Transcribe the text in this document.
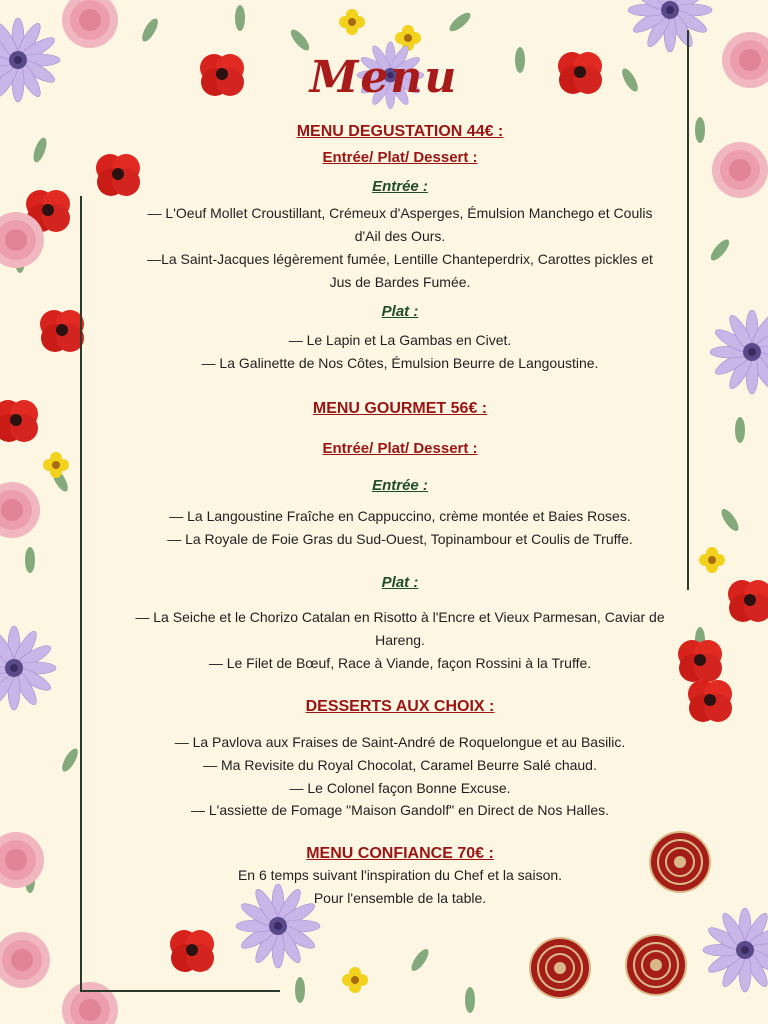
Menu

MENU DEGUSTATION 44€ :

Entrée/ Plat/ Dessert :

Entrée :

— L'Oeuf Mollet Croustillant, Crémeux d'Asperges, Émulsion Manchego et Coulis

d'Ail des Ours.

—La Saint-Jacques légèrement fumée, Lentille Chanteperdrix, Carottes pickles et

Jus de Bardes Fumée.

Plat :

— Le Lapin et La Gambas en Civet.

— La Galinette de Nos Côtes, Émulsion Beurre de Langoustine.

MENU GOURMET 56€ :

Entrée/ Plat/ Dessert :

Entrée :

— La Langoustine Fraîche en Cappuccino, crème montée et Baies Roses.

— La Royale de Foie Gras du Sud-Ouest, Topinambour et Coulis de Truffe.

Plat :

— La Seiche et le Chorizo Catalan en Risotto à l'Encre et Vieux Parmesan, Caviar de

Hareng.

— Le Filet de Bœuf, Race à Viande, façon Rossini à la Truffe.

DESSERTS AUX CHOIX :

— La Pavlova aux Fraises de Saint-André de Roquelongue et au Basilic.

— Ma Revisite du Royal Chocolat, Caramel Beurre Salé chaud.

— Le Colonel façon Bonne Excuse.

— L'assiette de Fomage "Maison Gandolf" en Direct de Nos Halles.

MENU CONFIANCE 70€ :

En 6 temps suivant l'inspiration du Chef et la saison.

Pour l'ensemble de la table.
